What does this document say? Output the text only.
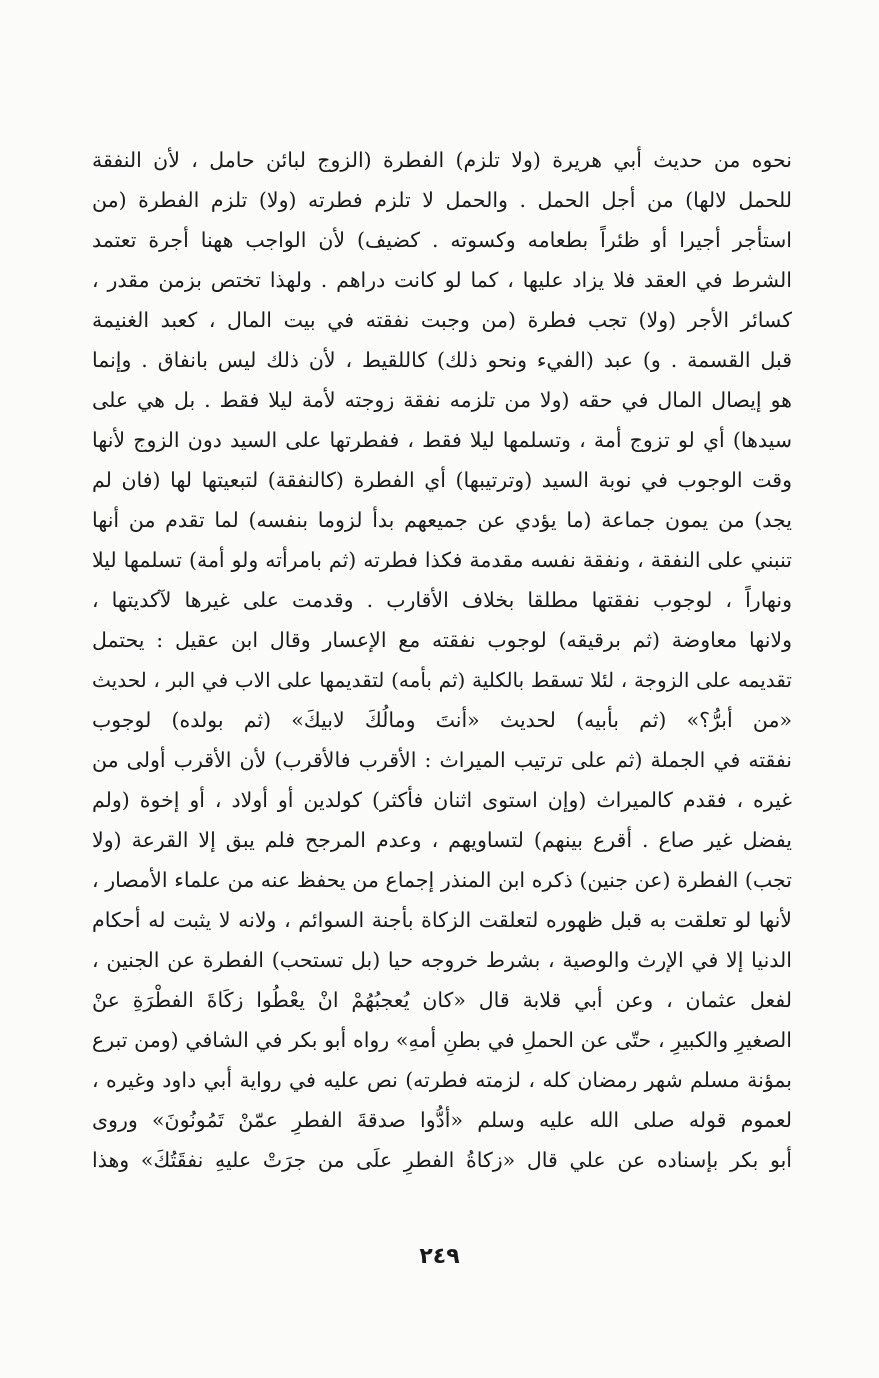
نحوه من حديث أبي هريرة (ولا تلزم) الفطرة (الزوج لبائن حامل ، لأن النفقة
للحمل لالها) من أجل الحمل . والحمل لا تلزم فطرته (ولا) تلزم الفطرة (من
استأجر أجيرا أو ظئراً بطعامه وكسوته . كضيف) لأن الواجب ههنا أجرة تعتمد
الشرط في العقد فلا يزاد عليها ، كما لو كانت دراهم . ولهذا تختص بزمن مقدر ،
كسائر الأجر (ولا) تجب فطرة (من وجبت نفقته في بيت المال ، كعبد الغنيمة
قبل القسمة . و) عبد (الفيء ونحو ذلك) كاللقيط ، لأن ذلك ليس بانفاق . وإنما
هو إيصال المال في حقه (ولا من تلزمه نفقة زوجته لأمة ليلا فقط . بل هي على
سيدها) أي لو تزوج أمة ، وتسلمها ليلا فقط ، ففطرتها على السيد دون الزوج لأنها
وقت الوجوب في نوبة السيد (وترتيبها) أي الفطرة (كالنفقة) لتبعيتها لها (فان لم
يجد) من يمون جماعة (ما يؤدي عن جميعهم بدأ لزوما بنفسه) لما تقدم من أنها
تنبني على النفقة ، ونفقة نفسه مقدمة فكذا فطرته (ثم بامرأته ولو أمة) تسلمها ليلا
ونهاراً ، لوجوب نفقتها مطلقا بخلاف الأقارب . وقدمت على غيرها لآكديتها ،
ولانها معاوضة (ثم برقيقه) لوجوب نفقته مع الإعسار وقال ابن عقيل : يحتمل
تقديمه على الزوجة ، لئلا تسقط بالكلية (ثم بأمه) لتقديمها على الاب في البر ، لحديث
«من أبرُّ؟» (ثم بأبيه) لحديث «أنتَ ومالُكَ لابيكَ» (ثم بولده) لوجوب
نفقته في الجملة (ثم على ترتيب الميراث : الأقرب فالأقرب) لأن الأقرب أولى من
غيره ، فقدم كالميراث (وإن استوى اثنان فأكثر) كولدين أو أولاد ، أو إخوة (ولم
يفضل غير صاع . أقرع بينهم) لتساويهم ، وعدم المرجح فلم يبق إلا القرعة (ولا
تجب) الفطرة (عن جنين) ذكره ابن المنذر إجماع من يحفظ عنه من علماء الأمصار ،
لأنها لو تعلقت به قبل ظهوره لتعلقت الزكاة بأجنة السوائم ، ولانه لا يثبت له أحكام
الدنيا إلا في الإرث والوصية ، بشرط خروجه حيا (بل تستحب) الفطرة عن الجنين ،
لفعل عثمان ، وعن أبي قلابة قال «كان يُعجبُهُمْ انْ يعْطُوا زكَاةَ الفطْرَةِ عنْ
الصغيرِ والكبيرِ ، حتّى عن الحملِ في بطنِ أمهِ» رواه أبو بكر في الشافي (ومن تبرع
بمؤنة مسلم شهر رمضان كله ، لزمته فطرته) نص عليه في رواية أبي داود وغيره ،
لعموم قوله صلى الله عليه وسلم «أدُّوا صدقةَ الفطرِ عمّنْ تَمُونُونَ» وروى
أبو بكر بإسناده عن علي قال «زكاةُ الفطرِ علَى من جرَتْ عليهِ نفقَتُكَ» وهذا
٢٤٩
